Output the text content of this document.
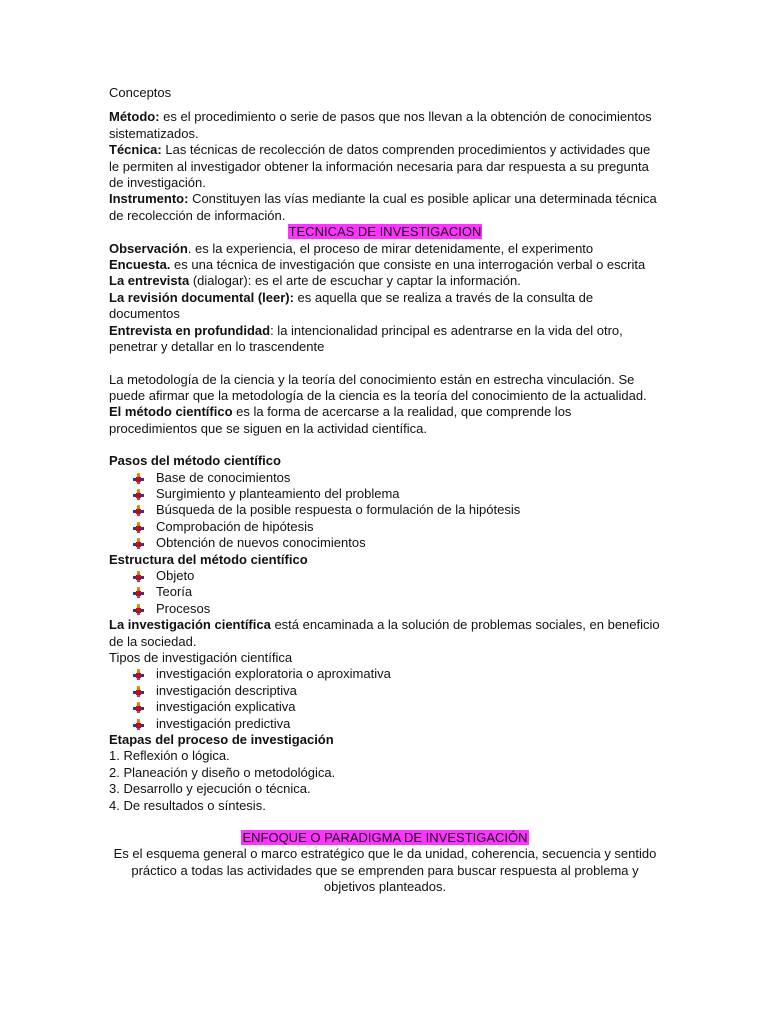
Conceptos

Método: es el procedimiento o serie de pasos que nos llevan a la obtención de conocimientos sistematizados.

Técnica: Las técnicas de recolección de datos comprenden procedimientos y actividades que le permiten al investigador obtener la información necesaria para dar respuesta a su pregunta de investigación.

Instrumento: Constituyen las vías mediante la cual es posible aplicar una determinada técnica de recolección de información.

TECNICAS DE INVESTIGACION

Observación. es la experiencia, el proceso de mirar detenidamente, el experimento

Encuesta. es una técnica de investigación que consiste en una interrogación verbal o escrita

La entrevista (dialogar): es el arte de escuchar y captar la información.

La revisión documental (leer): es aquella que se realiza a través de la consulta de documentos

Entrevista en profundidad: la intencionalidad principal es adentrarse en la vida del otro, penetrar y detallar en lo trascendente

La metodología de la ciencia y la teoría del conocimiento están en estrecha vinculación. Se puede afirmar que la metodología de la ciencia es la teoría del conocimiento de la actualidad.

El método científico es la forma de acercarse a la realidad, que comprende los procedimientos que se siguen en la actividad científica.

Pasos del método científico

Base de conocimientos
Surgimiento y planteamiento del problema
Búsqueda de la posible respuesta o formulación de la hipótesis
Comprobación de hipótesis
Obtención de nuevos conocimientos

Estructura del método científico

Objeto
Teoría
Procesos

La investigación científica está encaminada a la solución de problemas sociales, en beneficio de la sociedad.

Tipos de investigación científica

investigación exploratoria o aproximativa
investigación descriptiva
investigación explicativa
investigación predictiva

Etapas del proceso de investigación

1. Reflexión o lógica.

2. Planeación y diseño o metodológica.

3. Desarrollo y ejecución o técnica.

4. De resultados o síntesis.

ENFOQUE O PARADIGMA DE INVESTIGACIÓN

Es el esquema general o marco estratégico que le da unidad, coherencia, secuencia y sentido práctico a todas las actividades que se emprenden para buscar respuesta al problema y objetivos planteados.
